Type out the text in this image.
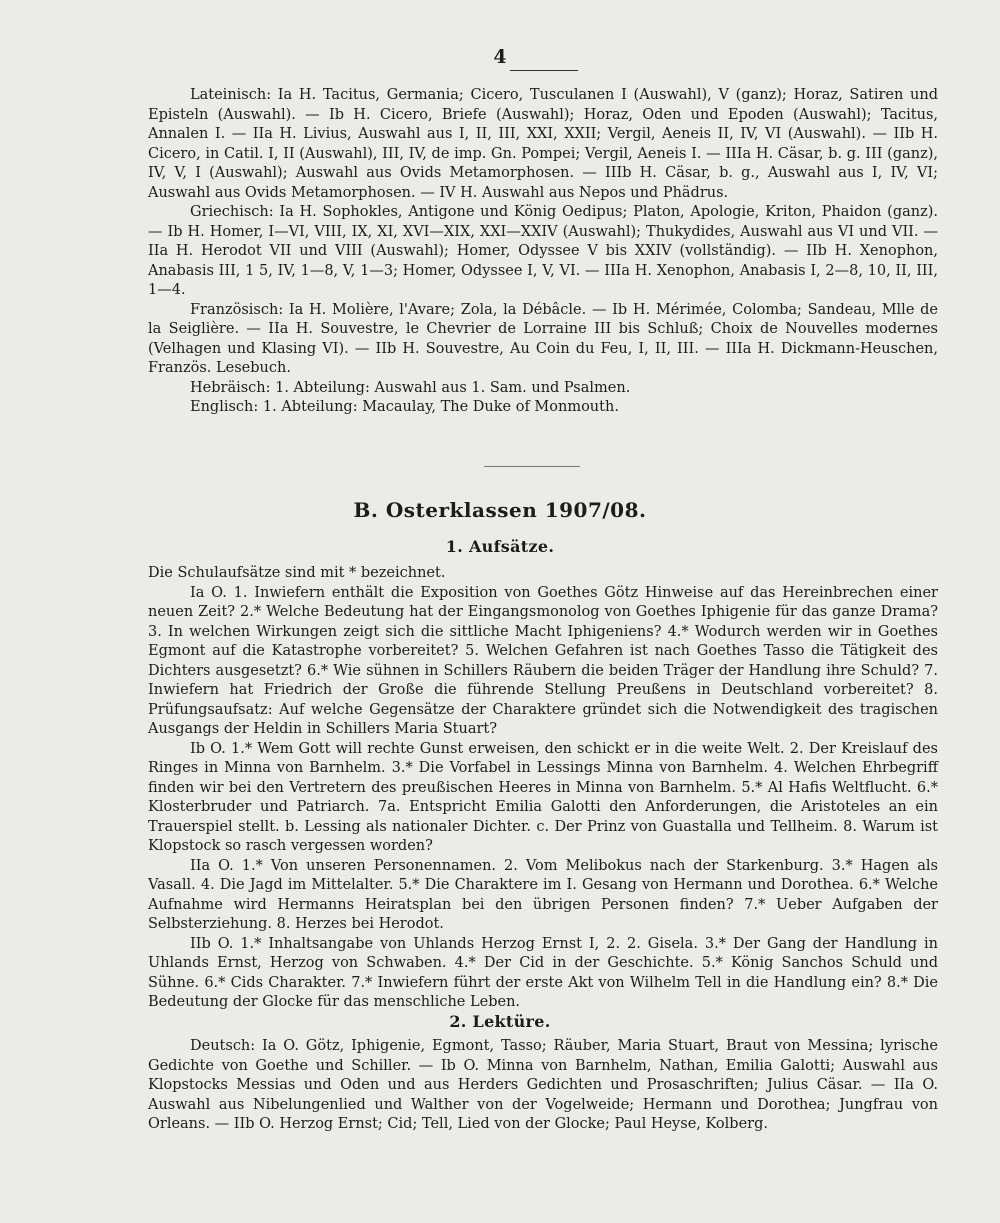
4

Lateinisch: Ia H. Tacitus, Germania; Cicero, Tusculanen I (Auswahl), V (ganz); Horaz, Satiren und Episteln (Auswahl). — Ib H. Cicero, Briefe (Auswahl); Horaz, Oden und Epoden (Auswahl); Tacitus, Annalen I. — IIa H. Livius, Auswahl aus I, II, III, XXI, XXII; Vergil, Aeneis II, IV, VI (Auswahl). — IIb H. Cicero, in Catil. I, II (Auswahl), III, IV, de imp. Gn. Pompei; Vergil, Aeneis I. — IIIa H. Cäsar, b. g. III (ganz), IV, V, I (Auswahl); Auswahl aus Ovids Metamorphosen. — IIIb H. Cäsar, b. g., Auswahl aus I, IV, VI; Auswahl aus Ovids Metamorphosen. — IV H. Auswahl aus Nepos und Phädrus.

Griechisch: Ia H. Sophokles, Antigone und König Oedipus; Platon, Apologie, Kriton, Phaidon (ganz). — Ib H. Homer, I—VI, VIII, IX, XI, XVI—XIX, XXI—XXIV (Auswahl); Thukydides, Auswahl aus VI und VII. — IIa H. Herodot VII und VIII (Auswahl); Homer, Odyssee V bis XXIV (vollständig). — IIb H. Xenophon, Anabasis III, 1 5, IV, 1—8, V, 1—3; Homer, Odyssee I, V, VI. — IIIa H. Xenophon, Anabasis I, 2—8, 10, II, III, 1—4.

Französisch: Ia H. Molière, l'Avare; Zola, la Débâcle. — Ib H. Mérimée, Colomba; Sandeau, Mlle de la Seiglière. — IIa H. Souvestre, le Chevrier de Lorraine III bis Schluß; Choix de Nouvelles modernes (Velhagen und Klasing VI). — IIb H. Souvestre, Au Coin du Feu, I, II, III. — IIIa H. Dickmann-Heuschen, Französ. Lesebuch.

Hebräisch: 1. Abteilung: Auswahl aus 1. Sam. und Psalmen.

Englisch: 1. Abteilung: Macaulay, The Duke of Monmouth.

B. Osterklassen 1907/08.

1. Aufsätze.

Die Schulaufsätze sind mit * bezeichnet.

Ia O. 1. Inwiefern enthält die Exposition von Goethes Götz Hinweise auf das Hereinbrechen einer neuen Zeit? 2.* Welche Bedeutung hat der Eingangsmonolog von Goethes Iphigenie für das ganze Drama? 3. In welchen Wirkungen zeigt sich die sittliche Macht Iphigeniens? 4.* Wodurch werden wir in Goethes Egmont auf die Katastrophe vorbereitet? 5. Welchen Gefahren ist nach Goethes Tasso die Tätigkeit des Dichters ausgesetzt? 6.* Wie sühnen in Schillers Räubern die beiden Träger der Handlung ihre Schuld? 7. Inwiefern hat Friedrich der Große die führende Stellung Preußens in Deutschland vorbereitet? 8. Prüfungsaufsatz: Auf welche Gegensätze der Charaktere gründet sich die Notwendigkeit des tragischen Ausgangs der Heldin in Schillers Maria Stuart?

Ib O. 1.* Wem Gott will rechte Gunst erweisen, den schickt er in die weite Welt. 2. Der Kreislauf des Ringes in Minna von Barnhelm. 3.* Die Vorfabel in Lessings Minna von Barnhelm. 4. Welchen Ehrbegriff finden wir bei den Vertretern des preußischen Heeres in Minna von Barnhelm. 5.* Al Hafis Weltflucht. 6.* Klosterbruder und Patriarch. 7a. Entspricht Emilia Galotti den Anforderungen, die Aristoteles an ein Trauerspiel stellt. b. Lessing als nationaler Dichter. c. Der Prinz von Guastalla und Tellheim. 8. Warum ist Klopstock so rasch vergessen worden?

IIa O. 1.* Von unseren Personennamen. 2. Vom Melibokus nach der Starkenburg. 3.* Hagen als Vasall. 4. Die Jagd im Mittelalter. 5.* Die Charaktere im I. Gesang von Hermann und Dorothea. 6.* Welche Aufnahme wird Hermanns Heiratsplan bei den übrigen Personen finden? 7.* Ueber Aufgaben der Selbsterziehung. 8. Herzes bei Herodot.

IIb O. 1.* Inhaltsangabe von Uhlands Herzog Ernst I, 2. 2. Gisela. 3.* Der Gang der Handlung in Uhlands Ernst, Herzog von Schwaben. 4.* Der Cid in der Geschichte. 5.* König Sanchos Schuld und Sühne. 6.* Cids Charakter. 7.* Inwiefern führt der erste Akt von Wilhelm Tell in die Handlung ein? 8.* Die Bedeutung der Glocke für das menschliche Leben.

2. Lektüre.

Deutsch: Ia O. Götz, Iphigenie, Egmont, Tasso; Räuber, Maria Stuart, Braut von Messina; lyrische Gedichte von Goethe und Schiller. — Ib O. Minna von Barnhelm, Nathan, Emilia Galotti; Auswahl aus Klopstocks Messias und Oden und aus Herders Gedichten und Prosaschriften; Julius Cäsar. — IIa O. Auswahl aus Nibelungenlied und Walther von der Vogelweide; Hermann und Dorothea; Jungfrau von Orleans. — IIb O. Herzog Ernst; Cid; Tell, Lied von der Glocke; Paul Heyse, Kolberg.
